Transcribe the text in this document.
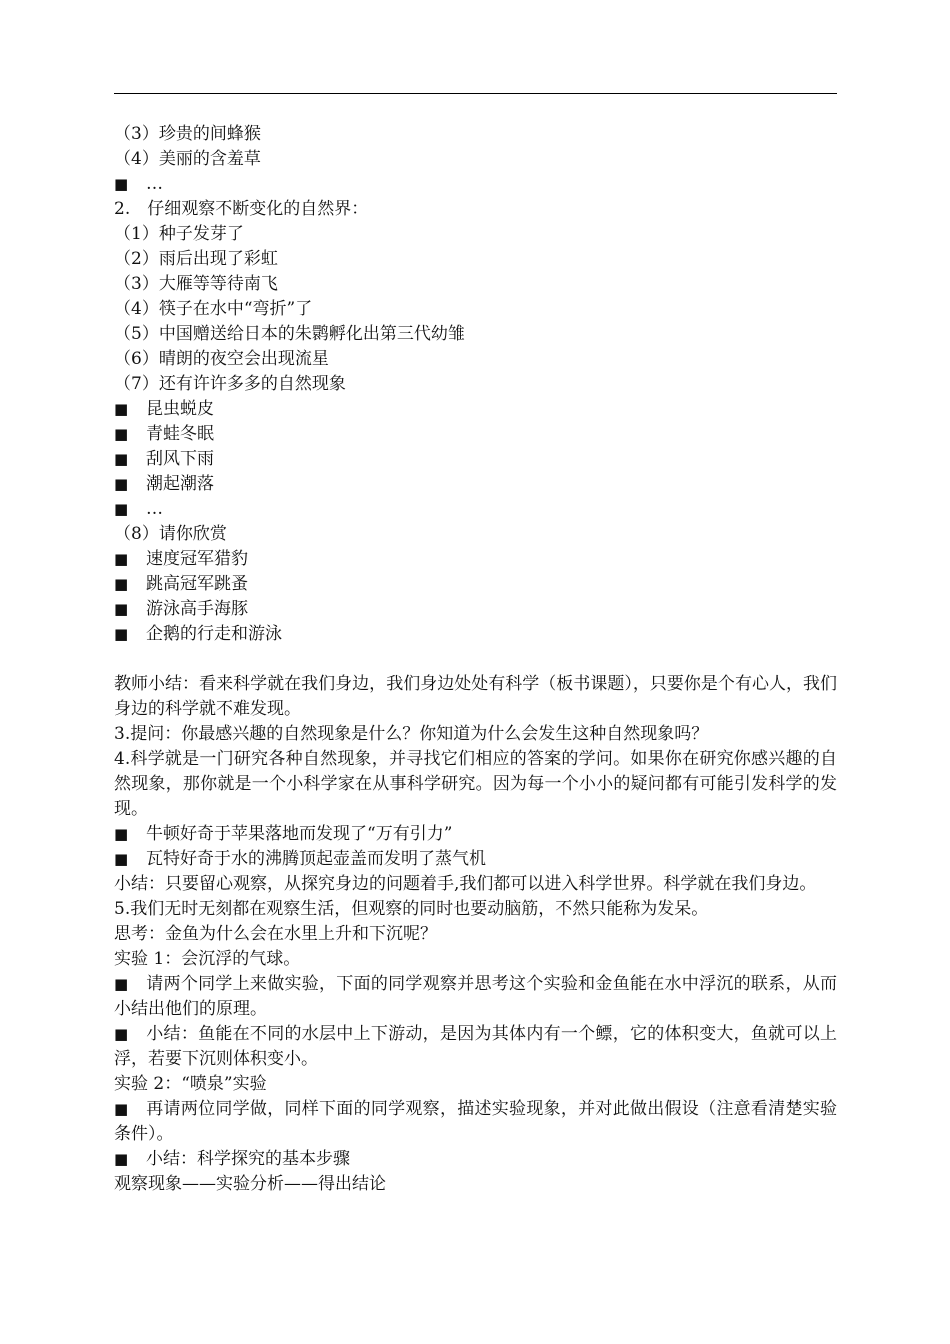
（3）珍贵的间蜂猴
（4）美丽的含羞草
■	…
2.　仔细观察不断变化的自然界：
（1）种子发芽了
（2）雨后出现了彩虹
（3）大雁等等待南飞
（4）筷子在水中“弯折”了
（5）中国赠送给日本的朱鹮孵化出第三代幼雏
（6）晴朗的夜空会出现流星
（7）还有许许多多的自然现象
■	昆虫蜕皮
■	青蛙冬眠
■	刮风下雨
■	潮起潮落
■	…
（8）请你欣赏
■	速度冠军猎豹
■	跳高冠军跳蚤
■	游泳高手海豚
■	企鹅的行走和游泳
教师小结：看来科学就在我们身边，我们身边处处有科学（板书课题），只要你是个有心人，我们身边的科学就不难发现。
3.提问：你最感兴趣的自然现象是什么？你知道为什么会发生这种自然现象吗？
4.科学就是一门研究各种自然现象，并寻找它们相应的答案的学问。如果你在研究你感兴趣的自然现象，那你就是一个小科学家在从事科学研究。因为每一个小小的疑问都有可能引发科学的发现。
■	牛顿好奇于苹果落地而发现了“万有引力”
■	瓦特好奇于水的沸腾顶起壶盖而发明了蒸气机
小结：只要留心观察，从探究身边的问题着手,我们都可以进入科学世界。科学就在我们身边。
5.我们无时无刻都在观察生活，但观察的同时也要动脑筋，不然只能称为发呆。
思考：金鱼为什么会在水里上升和下沉呢？
实验 1：会沉浮的气球。
■ 请两个同学上来做实验，下面的同学观察并思考这个实验和金鱼能在水中浮沉的联系，从而小结出他们的原理。
■ 小结：鱼能在不同的水层中上下游动，是因为其体内有一个鳔，它的体积变大，鱼就可以上浮，若要下沉则体积变小。
实验 2：“喷泉”实验
■ 再请两位同学做，同样下面的同学观察，描述实验现象，并对此做出假设（注意看清楚实验条件）。
■	小结：科学探究的基本步骤
观察现象——实验分析——得出结论
